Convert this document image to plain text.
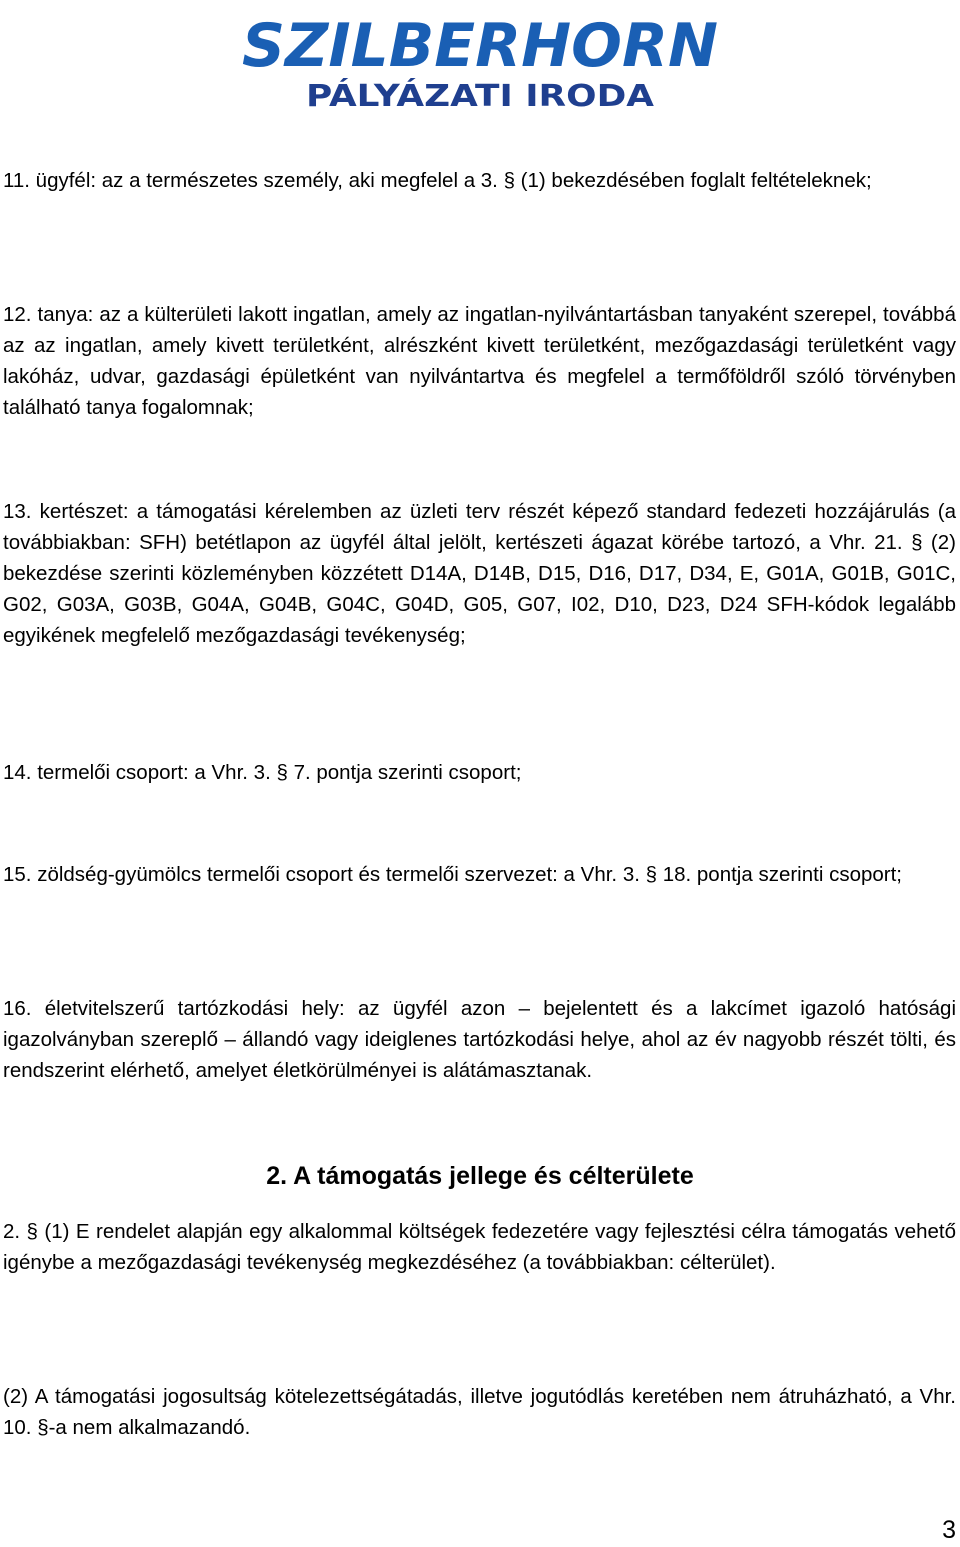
SZILBERHORN
PÁLYÁZATI IRODA

11. ügyfél: az a természetes személy, aki megfelel a 3. § (1) bekezdésében foglalt feltételeknek;

12. tanya: az a külterületi lakott ingatlan, amely az ingatlan-nyilvántartásban tanyaként szerepel, továbbá az az ingatlan, amely kivett területként, alrészként kivett területként, mezőgazdasági területként vagy lakóház, udvar, gazdasági épületként van nyilvántartva és megfelel a termőföldről szóló törvényben található tanya fogalomnak;

13. kertészet: a támogatási kérelemben az üzleti terv részét képező standard fedezeti hozzájárulás (a továbbiakban: SFH) betétlapon az ügyfél által jelölt, kertészeti ágazat körébe tartozó, a Vhr. 21. § (2) bekezdése szerinti közleményben közzétett D14A, D14B, D15, D16, D17, D34, E, G01A, G01B, G01C, G02, G03A, G03B, G04A, G04B, G04C, G04D, G05, G07, I02, D10, D23, D24 SFH-kódok legalább egyikének megfelelő mezőgazdasági tevékenység;

14. termelői csoport: a Vhr. 3. § 7. pontja szerinti csoport;

15. zöldség-gyümölcs termelői csoport és termelői szervezet: a Vhr. 3. § 18. pontja szerinti csoport;

16. életvitelszerű tartózkodási hely: az ügyfél azon – bejelentett és a lakcímet igazoló hatósági igazolványban szereplő – állandó vagy ideiglenes tartózkodási helye, ahol az év nagyobb részét tölti, és rendszerint elérhető, amelyet életkörülményei is alátámasztanak.

2. A támogatás jellege és célterülete

2. § (1) E rendelet alapján egy alkalommal költségek fedezetére vagy fejlesztési célra támogatás vehető igénybe a mezőgazdasági tevékenység megkezdéséhez (a továbbiakban: célterület).

(2) A támogatási jogosultság kötelezettségátadás, illetve jogutódlás keretében nem átruházható, a Vhr. 10. §-a nem alkalmazandó.

3
